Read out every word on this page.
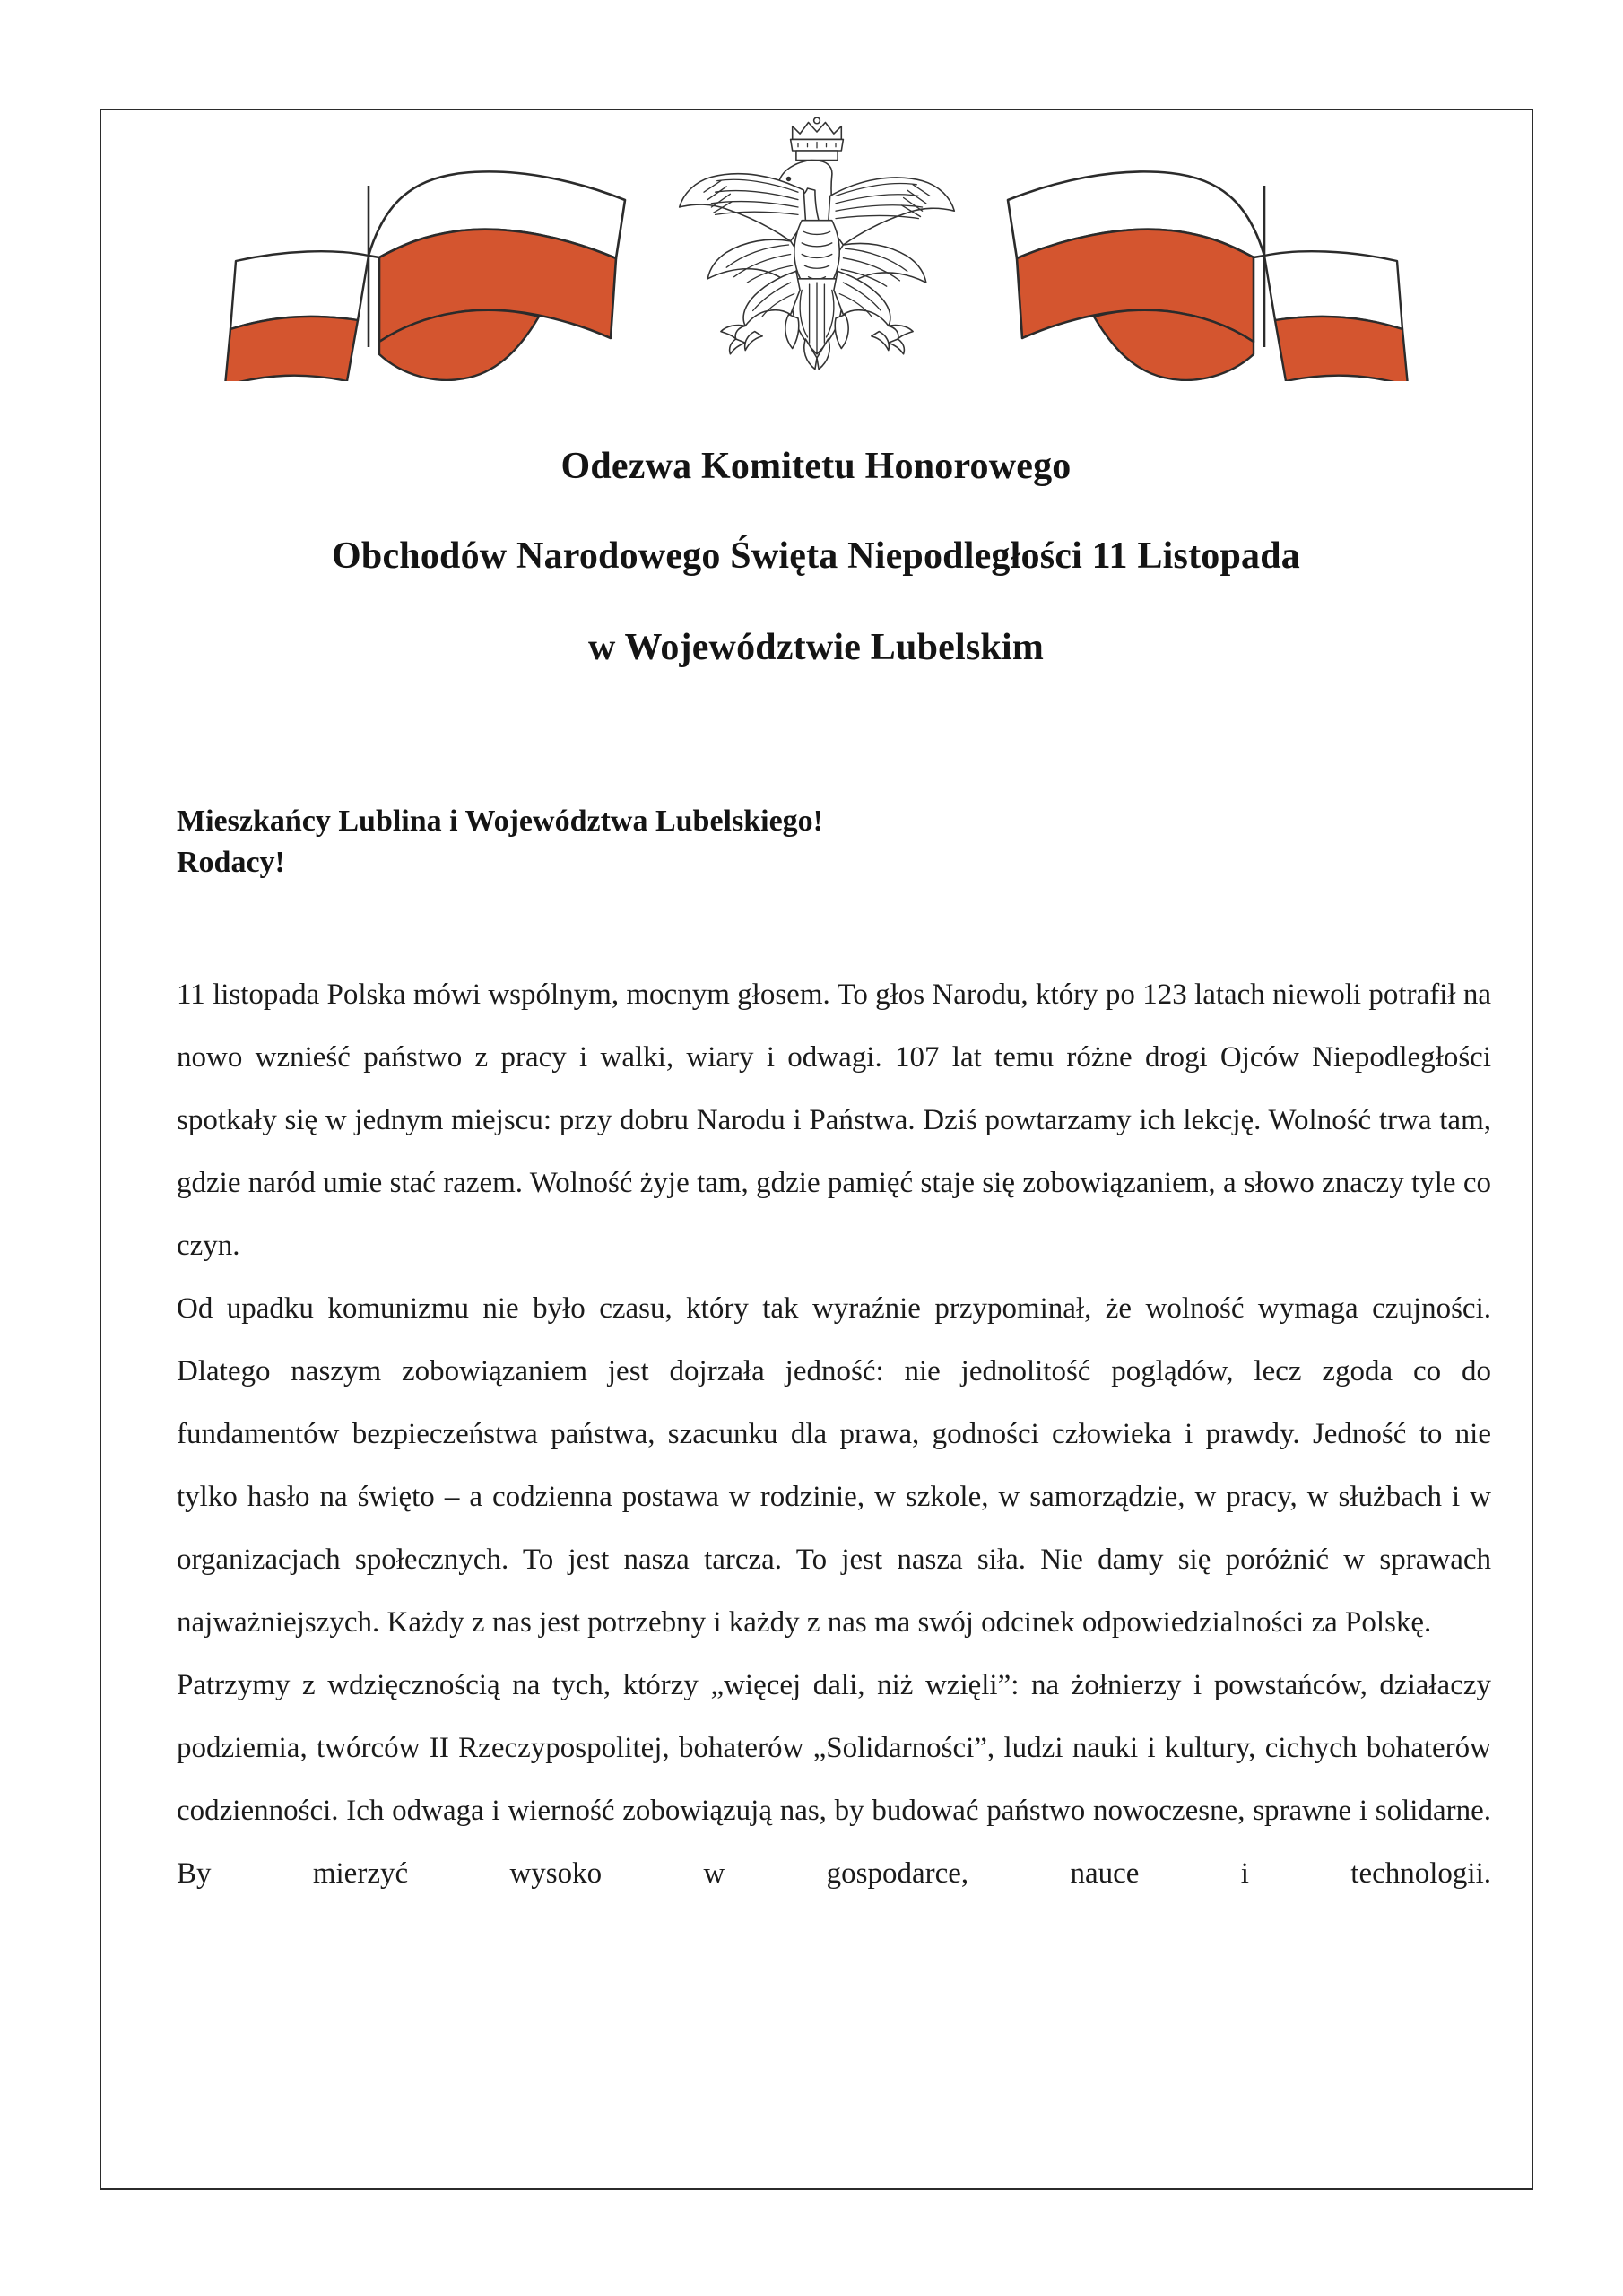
Odezwa Komitetu Honorowego
Obchodów Narodowego Święta Niepodległości 11 Listopada
w Województwie Lubelskim
Mieszkańcy Lublina i Województwa Lubelskiego!
Rodacy!

11 listopada Polska mówi wspólnym, mocnym głosem. To głos Narodu, który po 123 latach niewoli potrafił na nowo wznieść państwo z pracy i walki, wiary i odwagi. 107 lat temu różne drogi Ojców Niepodległości spotkały się w jednym miejscu: przy dobru Narodu i Państwa. Dziś powtarzamy ich lekcję. Wolność trwa tam, gdzie naród umie stać razem. Wolność żyje tam, gdzie pamięć staje się zobowiązaniem, a słowo znaczy tyle co czyn.

Od upadku komunizmu nie było czasu, który tak wyraźnie przypominał, że wolność wymaga czujności. Dlatego naszym zobowiązaniem jest dojrzała jedność: nie jednolitość poglądów, lecz zgoda co do fundamentów bezpieczeństwa państwa, szacunku dla prawa, godności człowieka i prawdy. Jedność to nie tylko hasło na święto – a codzienna postawa w rodzinie, w szkole, w samorządzie, w pracy, w służbach i w organizacjach społecznych. To jest nasza tarcza. To jest nasza siła. Nie damy się poróżnić w sprawach najważniejszych. Każdy z nas jest potrzebny i każdy z nas ma swój odcinek odpowiedzialności za Polskę.

Patrzymy z wdzięcznością na tych, którzy „więcej dali, niż wzięli”: na żołnierzy i powstańców, działaczy podziemia, twórców II Rzeczypospolitej, bohaterów „Solidarności”, ludzi nauki i kultury, cichych bohaterów codzienności. Ich odwaga i wierność zobowiązują nas, by budować państwo nowoczesne, sprawne i solidarne. By mierzyć wysoko w gospodarce, nauce i technologii.
